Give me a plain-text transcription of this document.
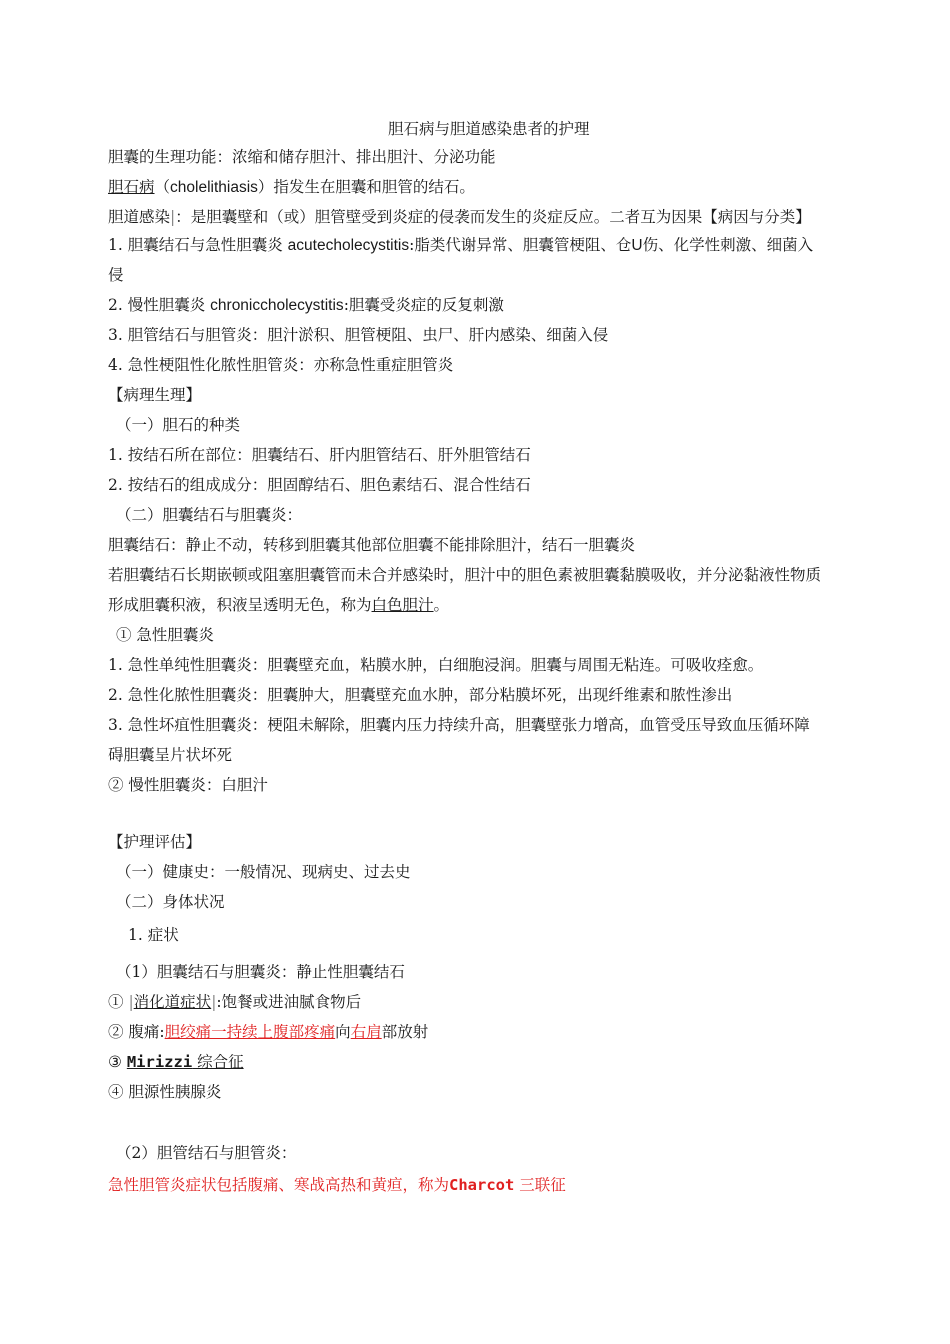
胆石病与胆道感染患者的护理
胆囊的生理功能：浓缩和储存胆汁、排出胆汁、分泌功能
胆石病（cholelithiasis）指发生在胆囊和胆管的结石。
胆道感染|：是胆囊壁和（或）胆管壁受到炎症的侵袭而发生的炎症反应。二者互为因果【病因与分类】
1. 胆囊结石与急性胆囊炎 acutecholecystitis:脂类代谢异常、胆囊管梗阻、仓U伤、化学性刺激、细菌入
侵
2. 慢性胆囊炎 chroniccholecystitis:胆囊受炎症的反复刺激
3. 胆管结石与胆管炎：胆汁淤积、胆管梗阻、虫尸、肝内感染、细菌入侵
4. 急性梗阻性化脓性胆管炎：亦称急性重症胆管炎
【病理生理】
（一）胆石的种类
1. 按结石所在部位：胆囊结石、肝内胆管结石、肝外胆管结石
2. 按结石的组成成分：胆固醇结石、胆色素结石、混合性结石
（二）胆囊结石与胆囊炎：
胆囊结石：静止不动，转移到胆囊其他部位胆囊不能排除胆汁，结石一胆囊炎
若胆囊结石长期嵌顿或阻塞胆囊管而未合并感染时，胆汁中的胆色素被胆囊黏膜吸收，并分泌黏液性物质
形成胆囊积液，积液呈透明无色，称为白色胆汁。
① 急性胆囊炎
1. 急性单纯性胆囊炎：胆囊壁充血，粘膜水肿，白细胞浸润。胆囊与周围无粘连。可吸收痊愈。
2. 急性化脓性胆囊炎：胆囊肿大，胆囊壁充血水肿，部分粘膜坏死，出现纤维素和脓性渗出
3. 急性坏疽性胆囊炎：梗阻未解除，胆囊内压力持续升高，胆囊壁张力增高，血管受压导致血压循环障
碍胆囊呈片状坏死
② 慢性胆囊炎：白胆汁
【护理评估】
（一）健康史：一般情况、现病史、过去史
（二）身体状况
1. 症状
（1）胆囊结石与胆囊炎：静止性胆囊结石
① |消化道症状|:饱餐或进油腻食物后
② 腹痛:胆绞痛一持续上腹部疼痛向右肩部放射
③ Mirizzi 综合征
④ 胆源性胰腺炎
（2）胆管结石与胆管炎：
急性胆管炎症状包括腹痛、寒战高热和黄疸，称为Charcot 三联征
